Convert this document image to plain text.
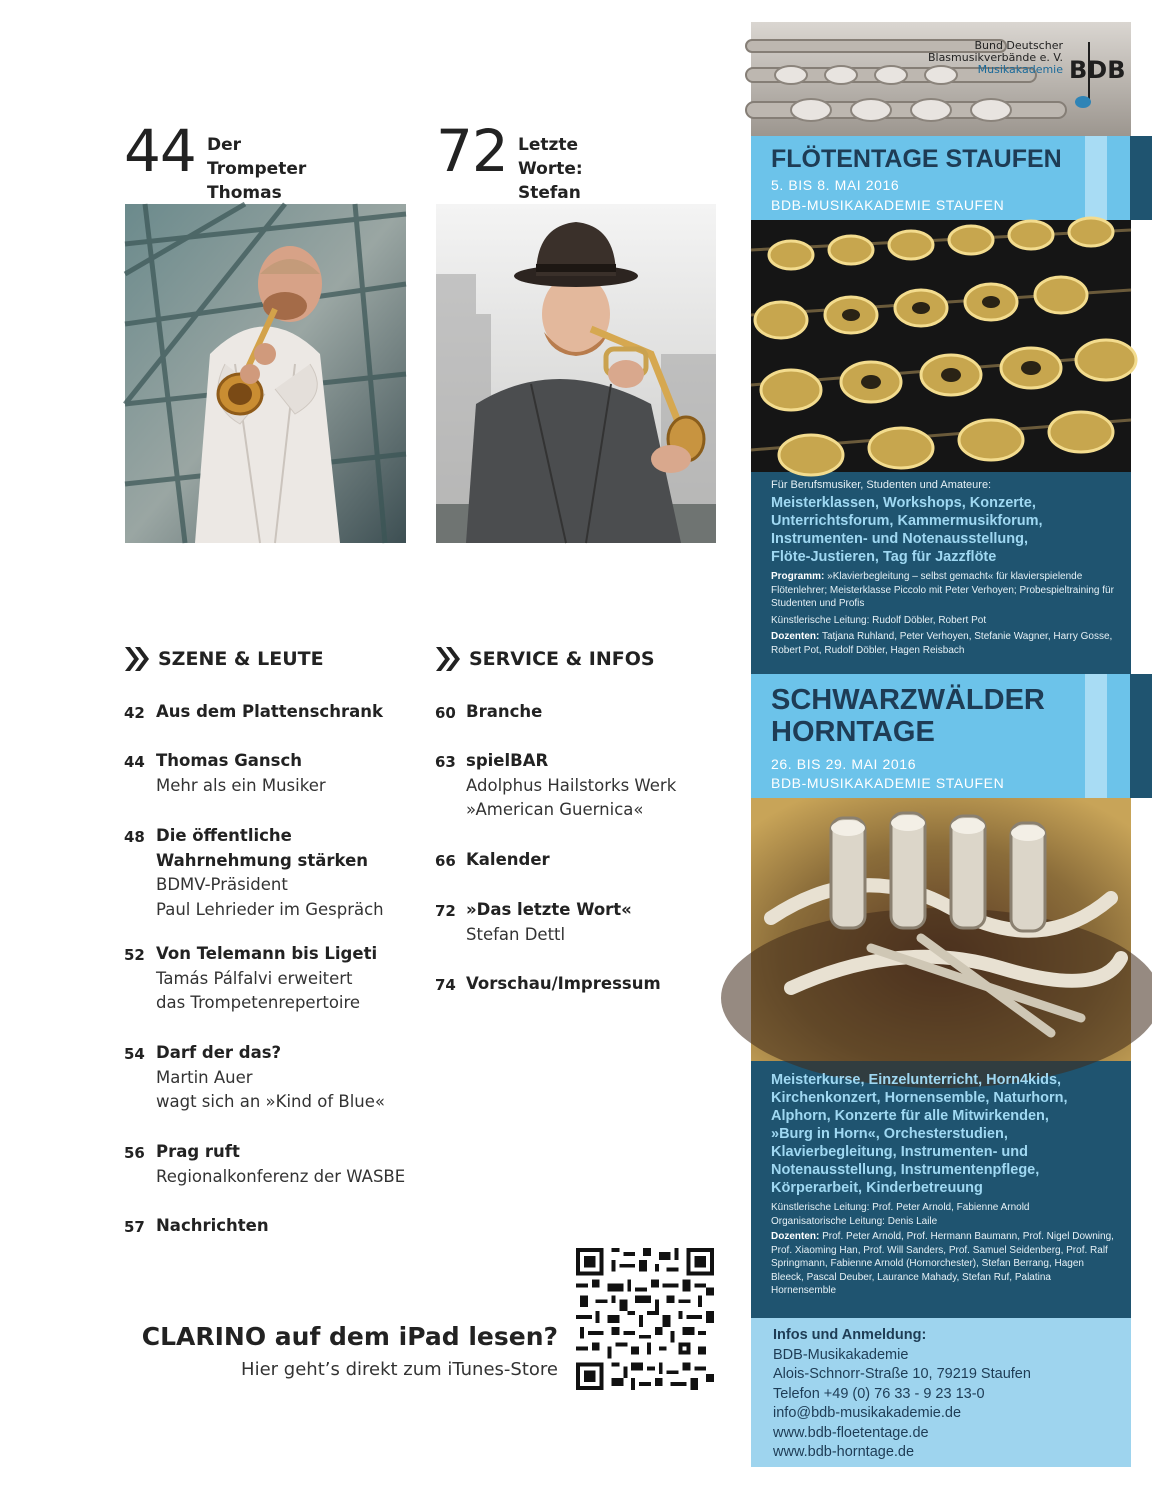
44 Der Trompeter
Thomas
72 Letzte Worte:
Stefan
SZENE & LEUTE
42 Aus dem Plattenschrank
44 Thomas Gansch
Mehr als ein Musiker
48 Die öffentliche
Wahrnehmung stärken
BDMV-Präsident
Paul Lehrieder im Gespräch
52 Von Telemann bis Ligeti
Tamás Pálfalvi erweitert
das Trompetenrepertoire
54 Darf der das?
Martin Auer
wagt sich an »Kind of Blue«
56 Prag ruft
Regionalkonferenz der WASBE
57 Nachrichten
SERVICE & INFOS
60 Branche
63 spielBAR
Adolphus Hailstorks Werk
»American Guernica«
66 Kalender
72 »Das letzte Wort«
Stefan Dettl
74 Vorschau/Impressum
CLARINO auf dem iPad lesen?
Hier geht’s direkt zum iTunes-Store
Bund Deutscher
Blasmusikverbände e. V.
Musikakademie BDB
FLÖTENTAGE STAUFEN
5. BIS 8. MAI 2016
BDB-MUSIKAKADEMIE STAUFEN
Für Berufsmusiker, Studenten und Amateure:
Meisterklassen, Workshops, Konzerte,
Unterrichtsforum, Kammermusikforum,
Instrumenten- und Notenausstellung,
Flöte-Justieren, Tag für Jazzflöte
Programm: »Klavierbegleitung – selbst gemacht« für klavierspielende Flötenlehrer; Meisterklasse Piccolo mit Peter Verhoyen; Probespieltraining für Studenten und Profis
Künstlerische Leitung: Rudolf Döbler, Robert Pot
Dozenten: Tatjana Ruhland, Peter Verhoyen, Stefanie Wagner, Harry Gosse, Robert Pot, Rudolf Döbler, Hagen Reisbach
SCHWARZWÄLDER
HORNTAGE
26. BIS 29. MAI 2016
BDB-MUSIKAKADEMIE STAUFEN
Meisterkurse, Einzelunterricht, Horn4kids,
Kirchenkonzert, Hornensemble, Naturhorn,
Alphorn, Konzerte für alle Mitwirkenden,
»Burg in Horn«, Orchesterstudien,
Klavierbegleitung, Instrumenten- und
Notenausstellung, Instrumentenpflege,
Körperarbeit, Kinderbetreuung
Künstlerische Leitung: Prof. Peter Arnold, Fabienne Arnold
Organisatorische Leitung: Denis Laile
Dozenten: Prof. Peter Arnold, Prof. Hermann Baumann, Prof. Nigel Downing, Prof. Xiaoming Han, Prof. Will Sanders, Prof. Samuel Seidenberg, Prof. Ralf Springmann, Fabienne Arnold (Hornorchester), Stefan Berrang, Hagen Bleeck, Pascal Deuber, Laurance Mahady, Stefan Ruf, Palatina Hornensemble
Infos und Anmeldung:
BDB-Musikakademie
Alois-Schnorr-Straße 10, 79219 Staufen
Telefon +49 (0) 76 33 - 9 23 13-0
info@bdb-musikakademie.de
www.bdb-floetentage.de
www.bdb-horntage.de
